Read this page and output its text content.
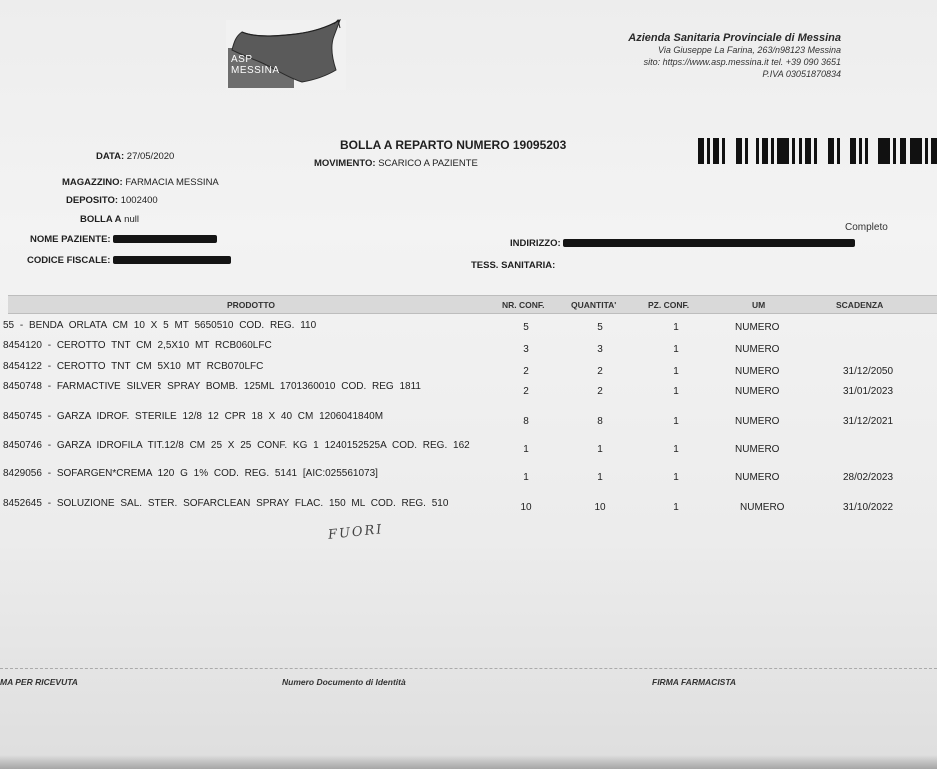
ASP
MESSINA
Azienda Sanitaria Provinciale di Messina
Via Giuseppe La Farina, 263/n98123 Messina
sito: https://www.asp.messina.it tel. +39 090 3651
P.IVA 03051870834
BOLLA A REPARTO NUMERO 19095203
MOVIMENTO: SCARICO A PAZIENTE
DATA: 27/05/2020
MAGAZZINO: FARMACIA MESSINA
DEPOSITO: 1002400
BOLLA A null
NOME PAZIENTE:
CODICE FISCALE:
INDIRIZZO:
TESS. SANITARIA:
Completo
PRODOTTO	NR. CONF.	QUANTITA'	PZ. CONF.	UM	SCADENZA
55 - BENDA ORLATA CM 10 X 5 MT 5650510 COD. REG. 110	5	5	1	NUMERO
8454120 - CEROTTO TNT CM 2,5X10 MT RCB060LFC	3	3	1	NUMERO
8454122 - CEROTTO TNT CM 5X10 MT RCB070LFC	2	2	1	NUMERO	31/12/2050
8450748 - FARMACTIVE SILVER SPRAY BOMB. 125ML 1701360010 COD. REG 1811	2	2	1	NUMERO	31/01/2023
8450745 - GARZA IDROF. STERILE 12/8 12 CPR 18 X 40 CM 1206041840M	8	8	1	NUMERO	31/12/2021
8450746 - GARZA IDROFILA TIT.12/8 CM 25 X 25 CONF. KG 1 1240152525A COD. REG. 162	1	1	1	NUMERO
8429056 - SOFARGEN*CREMA 120 G 1% COD. REG. 5141 [AIC:025561073]	1	1	1	NUMERO	28/02/2023
8452645 - SOLUZIONE SAL. STER. SOFARCLEAN SPRAY FLAC. 150 ML COD. REG. 510	10	10	1	NUMERO	31/10/2022
FUORI
MA PER RICEVUTA	Numero Documento di Identità	FIRMA FARMACISTA
